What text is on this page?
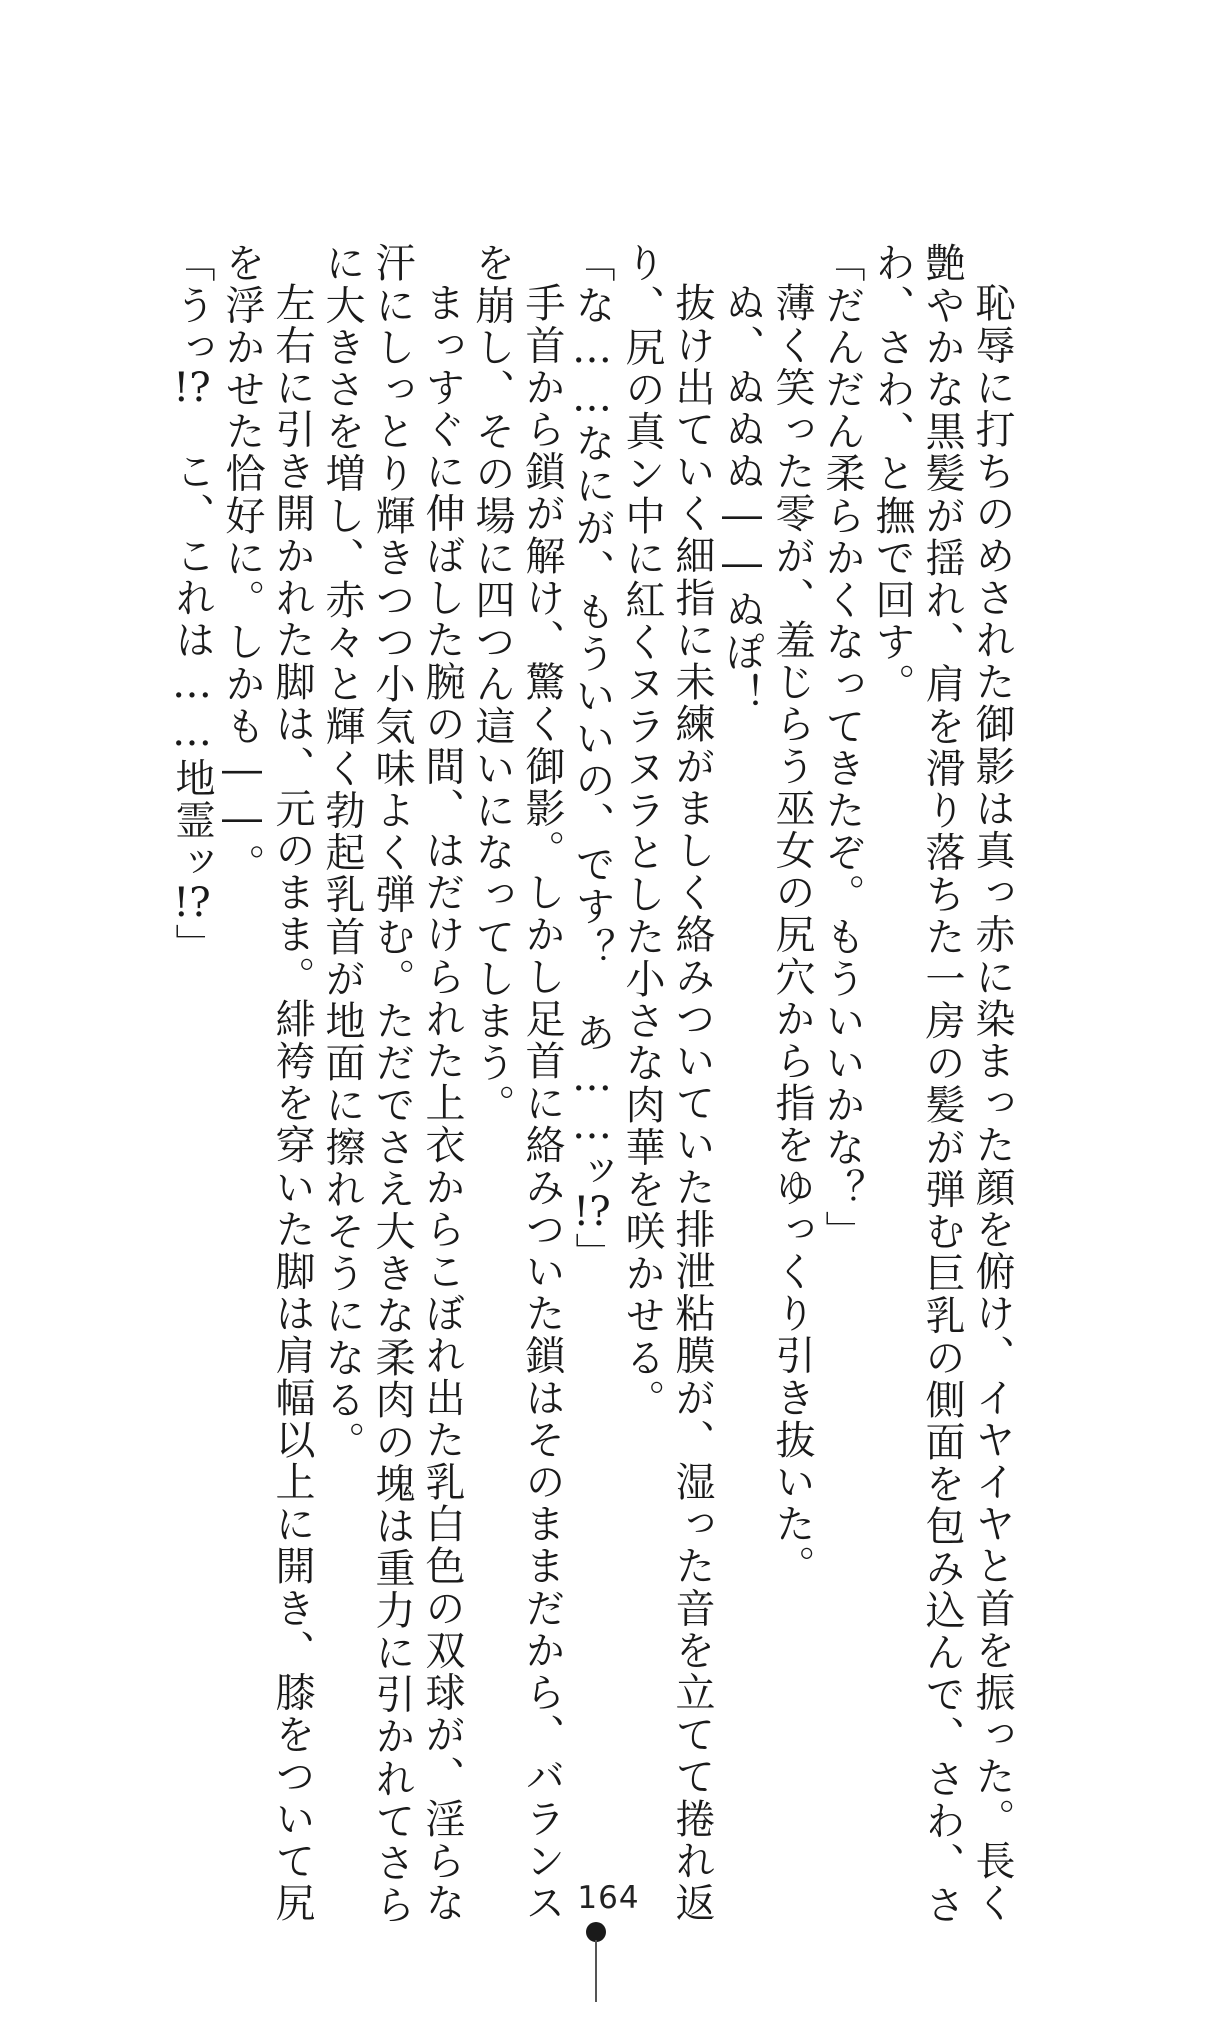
恥辱に打ちのめされた御影は真っ赤に染まった顔を俯け、イヤイヤと首を振った。長く

艶やかな黒髪が揺れ、肩を滑り落ちた一房の髪が弾む巨乳の側面を包み込んで、さわ、さ

わ、さわ、と撫で回す。

「だんだん柔らかくなってきたぞ。もういいかな？」

薄く笑った零が、羞じらう巫女の尻穴から指をゆっくり引き抜いた。

ぬ、ぬぬぬ――ぬぽ！

抜け出ていく細指に未練がましく絡みついていた排泄粘膜が、湿った音を立てて捲れ返

り、尻の真ン中に紅くヌラヌラとした小さな肉華を咲かせる。

「な……なにが、もういいの、です？　あ……ッ!?」

手首から鎖が解け、驚く御影。しかし足首に絡みついた鎖はそのままだから、バランス

を崩し、その場に四つん這いになってしまう。

まっすぐに伸ばした腕の間、はだけられた上衣からこぼれ出た乳白色の双球が、淫らな

汗にしっとり輝きつつ小気味よく弾む。ただでさえ大きな柔肉の塊は重力に引かれてさら

に大きさを増し、赤々と輝く勃起乳首が地面に擦れそうになる。

左右に引き開かれた脚は、元のまま。緋袴を穿いた脚は肩幅以上に開き、膝をついて尻

を浮かせた恰好に。しかも――。

「うっ!?　こ、これは……地霊ッ!?」

164
